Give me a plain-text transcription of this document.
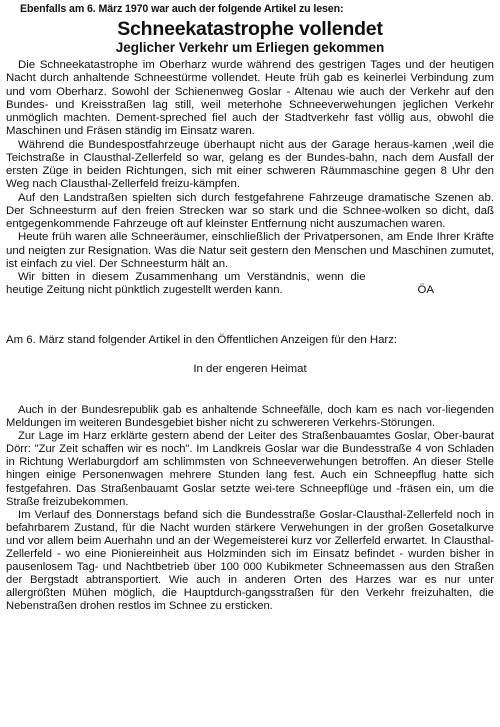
Ebenfalls am 6. März 1970 war auch der folgende Artikel zu lesen:
Schneekatastrophe vollendet
Jeglicher Verkehr um Erliegen gekommen

Die Schneekatastrophe im Oberharz wurde während des gestrigen Tages und der heutigen Nacht durch anhaltende Schneestürme vollendet. Heute früh gab es keinerlei Verbindung zum und vom Oberharz. Sowohl der Schienenweg Goslar - Altenau wie auch der Verkehr auf den Bundes- und Kreisstraßen lag still, weil meterhohe Schneeverwehungen jeglichen Verkehr unmöglich machten. Dement-spreched fiel auch der Stadtverkehr fast völlig aus, obwohl die Maschinen und Fräsen ständig im Einsatz waren.

Während die Bundespostfahrzeuge überhaupt nicht aus der Garage heraus-kamen ,weil die Teichstraße in Clausthal-Zellerfeld so war, gelang es der Bundes-bahn, nach dem Ausfall der ersten Züge in beiden Richtungen, sich mit einer schweren Räummaschine gegen 8 Uhr den Weg nach Clausthal-Zellerfeld freizu-kämpfen.

Auf den Landstraßen spielten sich durch festgefahrene Fahrzeuge dramatische Szenen ab. Der Schneesturm auf den freien Strecken war so stark und die Schnee-wolken so dicht, daß entgegenkommende Fahrzeuge oft auf kleinster Entfernung nicht auszumachen waren.

Heute früh waren alle Schneeräumer, einschließlich der Privatpersonen, am Ende Ihrer Kräfte und neigten zur Resignation. Was die Natur seit gestern den Menschen und Maschinen zumutet, ist einfach zu viel. Der Schneesturm hält an.

Wir bitten in diesem Zusammenhang um Verständnis, wenn die heutige Zeitung nicht pünktlich zugestellt werden kann.	ÖA

Am 6. März stand folgender Artikel in den Öffentlichen Anzeigen für den Harz:
In der engeren Heimat

Auch in der Bundesrepublik gab es anhaltende Schneefälle, doch kam es nach vor-liegenden Meldungen im weiteren Bundesgebiet bisher nicht zu schwereren Verkehrs-Störungen.

Zur Lage im Harz erklärte gestern abend der Leiter des Straßenbauamtes Goslar, Ober-baurat Dörr: "Zur Zeit schaffen wir es noch". Im Landkreis Goslar war die Bundesstraße 4 von Schladen in Richtung Werlaburgdorf am schlimmsten von Schneeverwehungen betroffen. An dieser Stelle hingen einige Personenwagen mehrere Stunden lang fest. Auch ein Schneepflug hatte sich festgefahren. Das Straßenbauamt Goslar setzte wei-tere Schneepflüge und -fräsen ein, um die Straße freizubekommen.

Im Verlauf des Donnerstags befand sich die Bundesstraße Goslar-Clausthal-Zellerfeld noch in befahrbarem Zustand, für die Nacht wurden stärkere Verwehungen in der großen Gosetalkurve und vor allem beim Auerhahn und an der Wegemeisterei kurz vor Zellerfeld erwartet. In Clausthal-Zellerfeld - wo eine Pioniereinheit aus Holzminden sich im Einsatz befindet - wurden bisher in pausenlosem Tag- und Nachtbetrieb über 100 000 Kubikmeter Schneemassen aus den Straßen der Bergstadt abtransportiert. Wie auch in anderen Orten des Harzes war es nur unter allergrößten Mühen möglich, die Hauptdurch-gangsstraßen für den Verkehr freizuhalten, die Nebenstraßen drohen restlos im Schnee zu ersticken.
